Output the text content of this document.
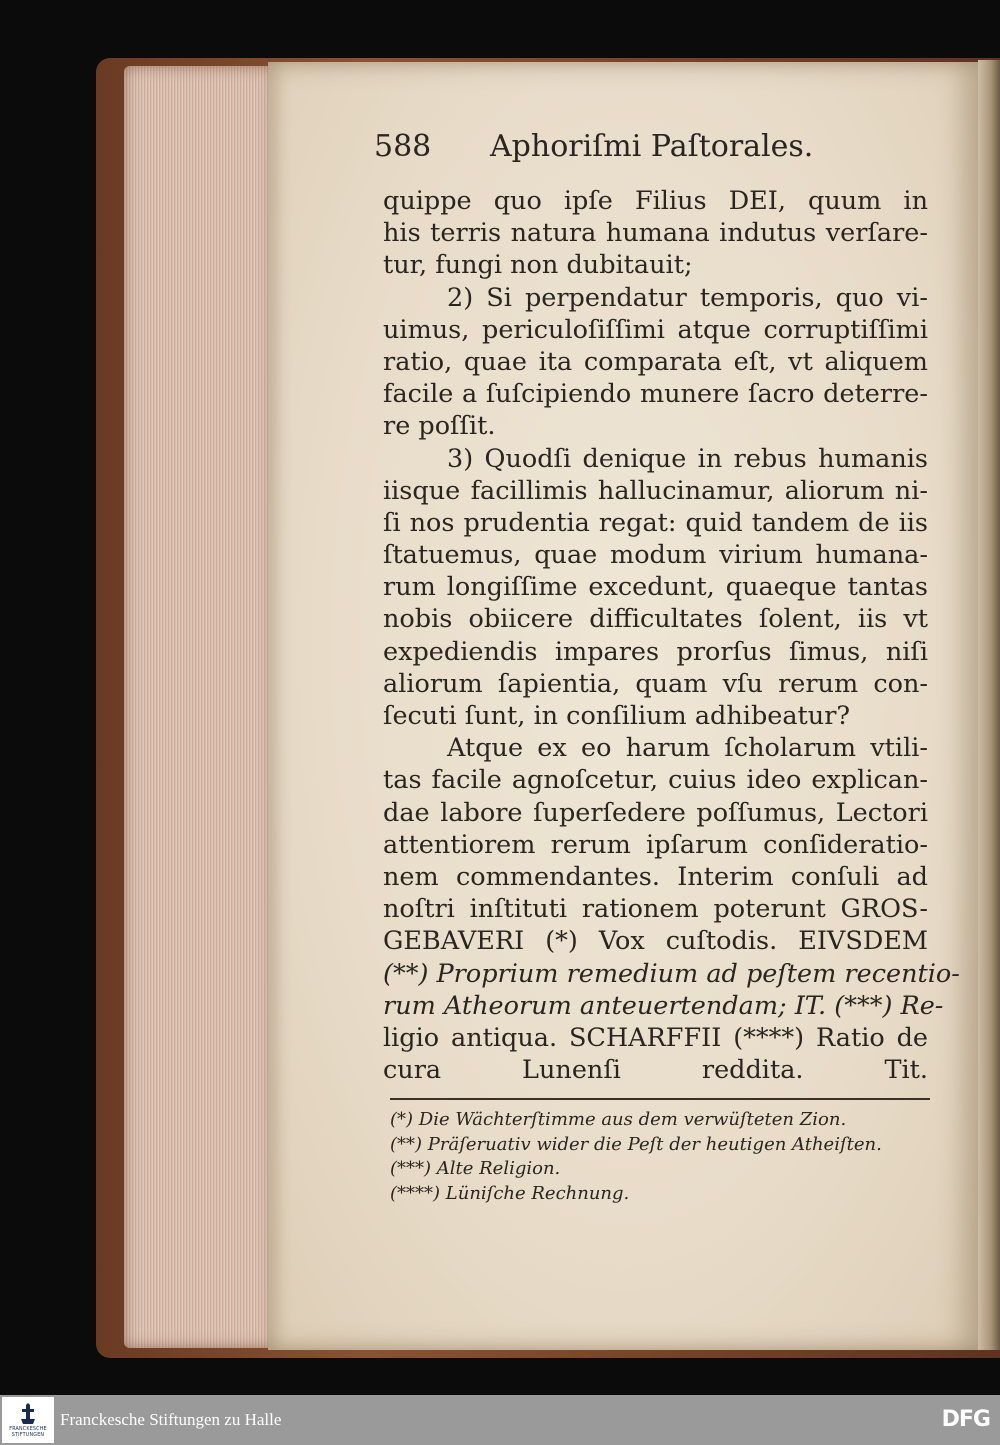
588 Aphoriſmi Paſtorales.
quippe quo ipſe Filius DEI, quum in
his terris natura humana indutus verſare-
tur, fungi non dubitauit;
2) Si perpendatur temporis, quo vi-
uimus, periculoſiſſimi atque corruptiſſimi
ratio, quae ita comparata eſt, vt aliquem
facile a ſuſcipiendo munere ſacro deterre-
re poſſit.
3) Quodſi denique in rebus humanis
iisque facillimis hallucinamur, aliorum ni-
ſi nos prudentia regat: quid tandem de iis
ſtatuemus, quae modum virium humana-
rum longiſſime excedunt, quaeque tantas
nobis obiicere difficultates ſolent, iis vt
expediendis impares prorſus ſimus, niſi
aliorum ſapientia, quam vſu rerum con-
ſecuti ſunt, in conſilium adhibeatur?
Atque ex eo harum ſcholarum vtili-
tas facile agnoſcetur, cuius ideo explican-
dae labore ſuperſedere poſſumus, Lectori
attentiorem rerum ipſarum conſideratio-
nem commendantes. Interim conſuli ad
noſtri inſtituti rationem poterunt GROS-
GEBAVERI (*) Vox cuſtodis. EIVSDEM
(**) Proprium remedium ad peſtem recentio-
rum Atheorum anteuertendam; IT. (***) Re-
ligio antiqua. SCHARFFII (****) Ratio de
cura Lunenſi reddita. Tit.
(*) Die Wächterſtimme aus dem verwüſteten Zion.
(**) Präſeruativ wider die Peſt der heutigen Atheiſten.
(***) Alte Religion.
(****) Lüniſche Rechnung.
FRANCKESCHE
STIFTUNGEN
Franckesche Stiftungen zu Halle	DFG
